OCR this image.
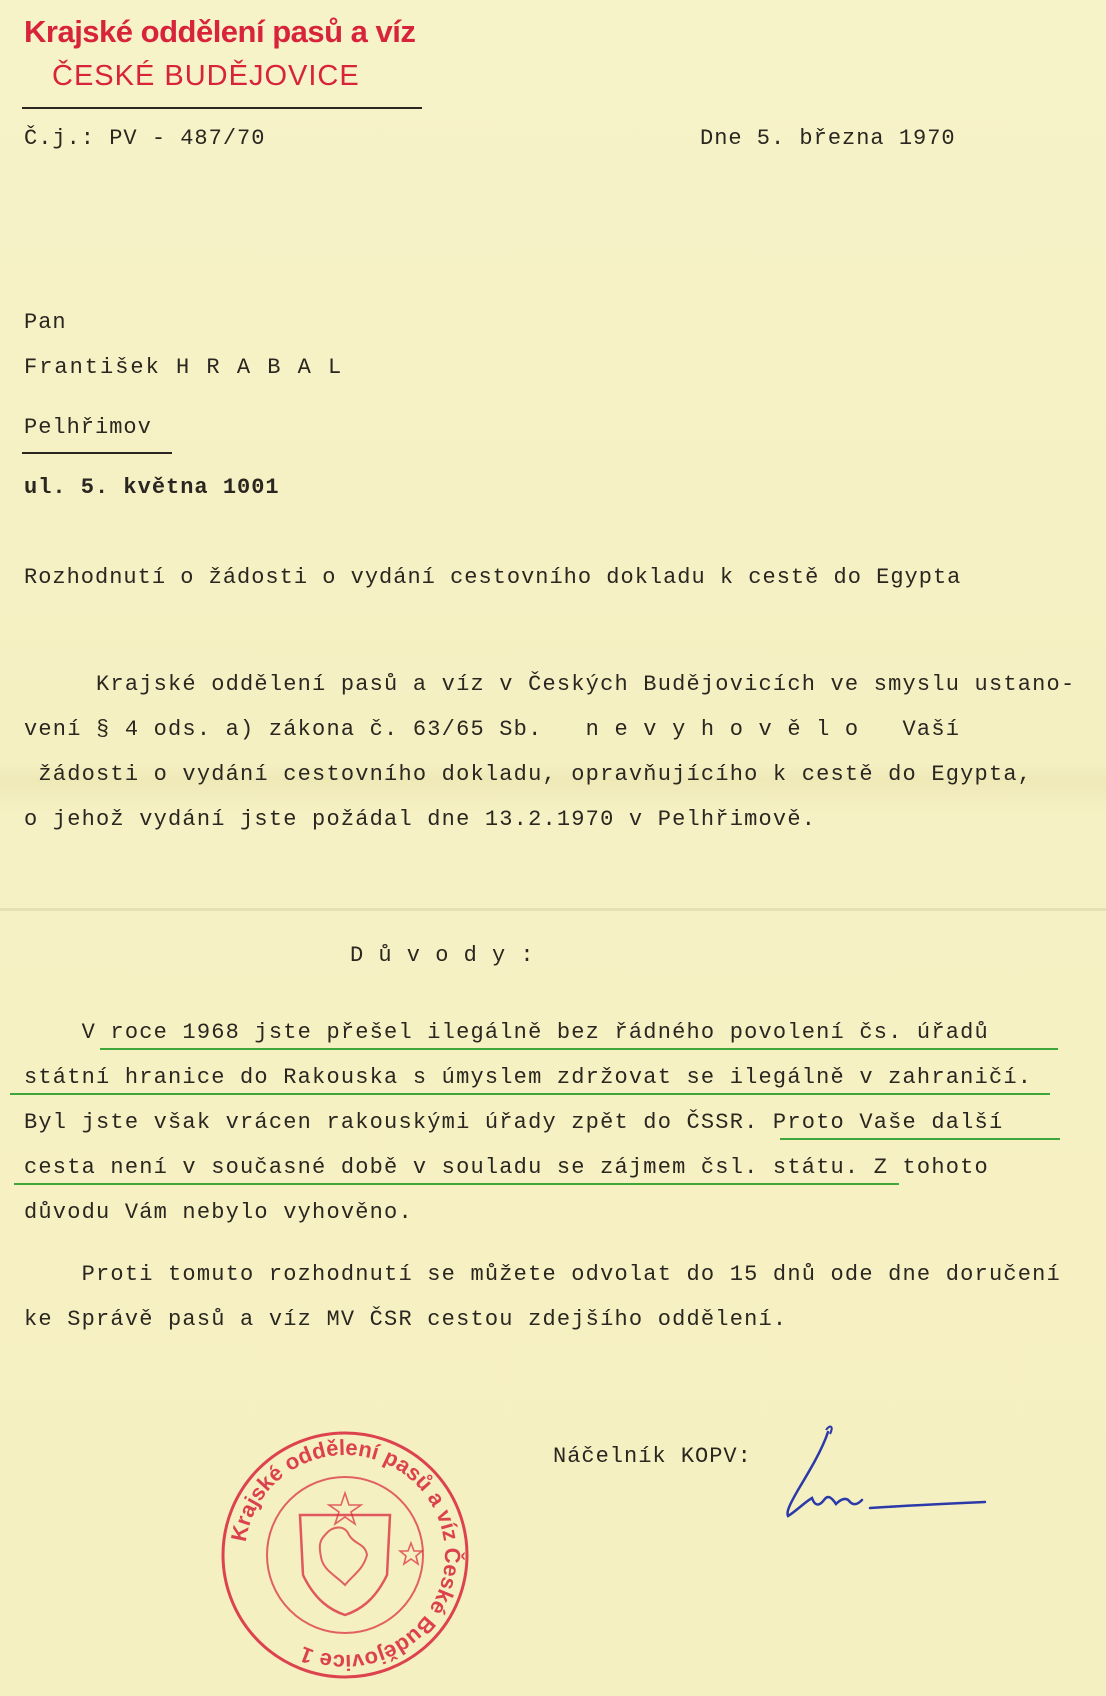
Krajské oddělení pasů a víz
ČESKÉ BUDĚJOVICE
Č.j.: PV - 487/70	Dne 5. března 1970
Pan
František H R A B A L
Pelhřimov
ul. 5. května 1001
Rozhodnutí o žádosti o vydání cestovního dokladu k cestě do Egypta
Krajské oddělení pasů a víz v Českých Budějovicích ve smyslu ustano-
vení § 4 ods. a) zákona č. 63/65 Sb.   n e v y h o v ě l o   Vaší
žádosti o vydání cestovního dokladu, opravňujícího k cestě do Egypta,
o jehož vydání jste požádal dne 13.2.1970 v Pelhřimově.
D ů v o d y :
V roce 1968 jste přešel ilegálně bez řádného povolení čs. úřadů
státní hranice do Rakouska s úmyslem zdržovat se ilegálně v zahraničí.
Byl jste však vrácen rakouskými úřady zpět do ČSSR. Proto Vaše další
cesta není v současné době v souladu se zájmem čsl. státu. Z tohoto
důvodu Vám nebylo vyhověno.
Proti tomuto rozhodnutí se můžete odvolat do 15 dnů ode dne doručení
ke Správě pasů a víz MV ČSR cestou zdejšího oddělení.
Náčelník KOPV:
Krajské oddělení pasů a víz České Budějovice 1
